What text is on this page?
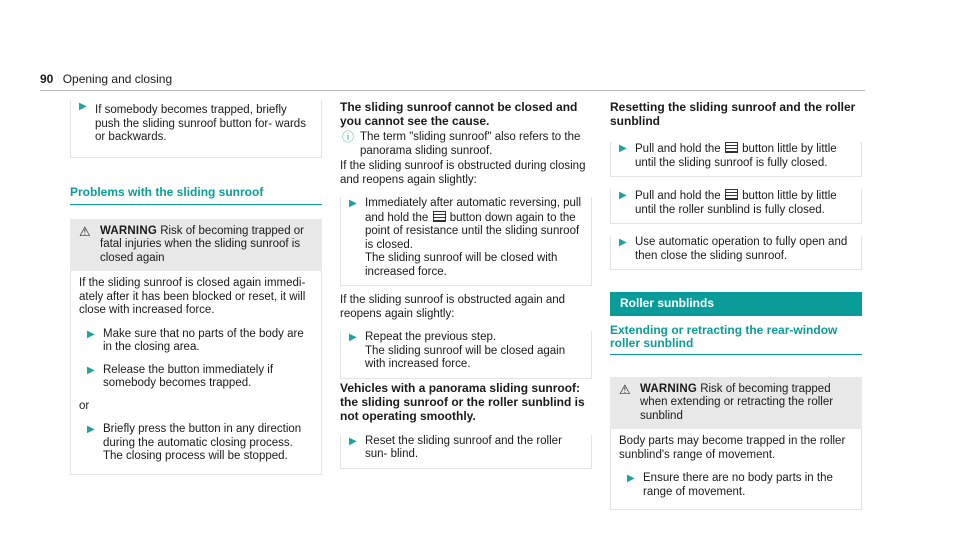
90 Opening and closing
▶ If somebody becomes trapped, briefly push the sliding sunroof button for‐ wards or backwards.
Problems with the sliding sunroof
⚠ WARNING Risk of becoming trapped or fatal injuries when the sliding sunroof is closed again
If the sliding sunroof is closed again immedi‐ ately after it has been blocked or reset, it will close with increased force.
▶ Make sure that no parts of the body are in the closing area.
▶ Release the button immediately if somebody becomes trapped.
or
▶ Briefly press the button in any direction during the automatic closing process.
The closing process will be stopped.
The sliding sunroof cannot be closed and you cannot see the cause.
ⓘ The term "sliding sunroof" also refers to the panorama sliding sunroof.
If the sliding sunroof is obstructed during closing and reopens again slightly:
▶ Immediately after automatic reversing, pull and hold the button down again to the point of resistance until the sliding sunroof is closed.
The sliding sunroof will be closed with increased force.
If the sliding sunroof is obstructed again and reopens again slightly:
▶ Repeat the previous step.
The sliding sunroof will be closed again with increased force.
Vehicles with a panorama sliding sunroof: the sliding sunroof or the roller sunblind is not operating smoothly.
▶ Reset the sliding sunroof and the roller sun‐ blind.
Resetting the sliding sunroof and the roller sunblind
▶ Pull and hold the button little by little until the sliding sunroof is fully closed.
▶ Pull and hold the button little by little until the roller sunblind is fully closed.
▶ Use automatic operation to fully open and then close the sliding sunroof.
Roller sunblinds
Extending or retracting the rear-window roller sunblind
⚠ WARNING Risk of becoming trapped when extending or retracting the roller sunblind
Body parts may become trapped in the roller sunblind's range of movement.
▶ Ensure there are no body parts in the range of movement.
